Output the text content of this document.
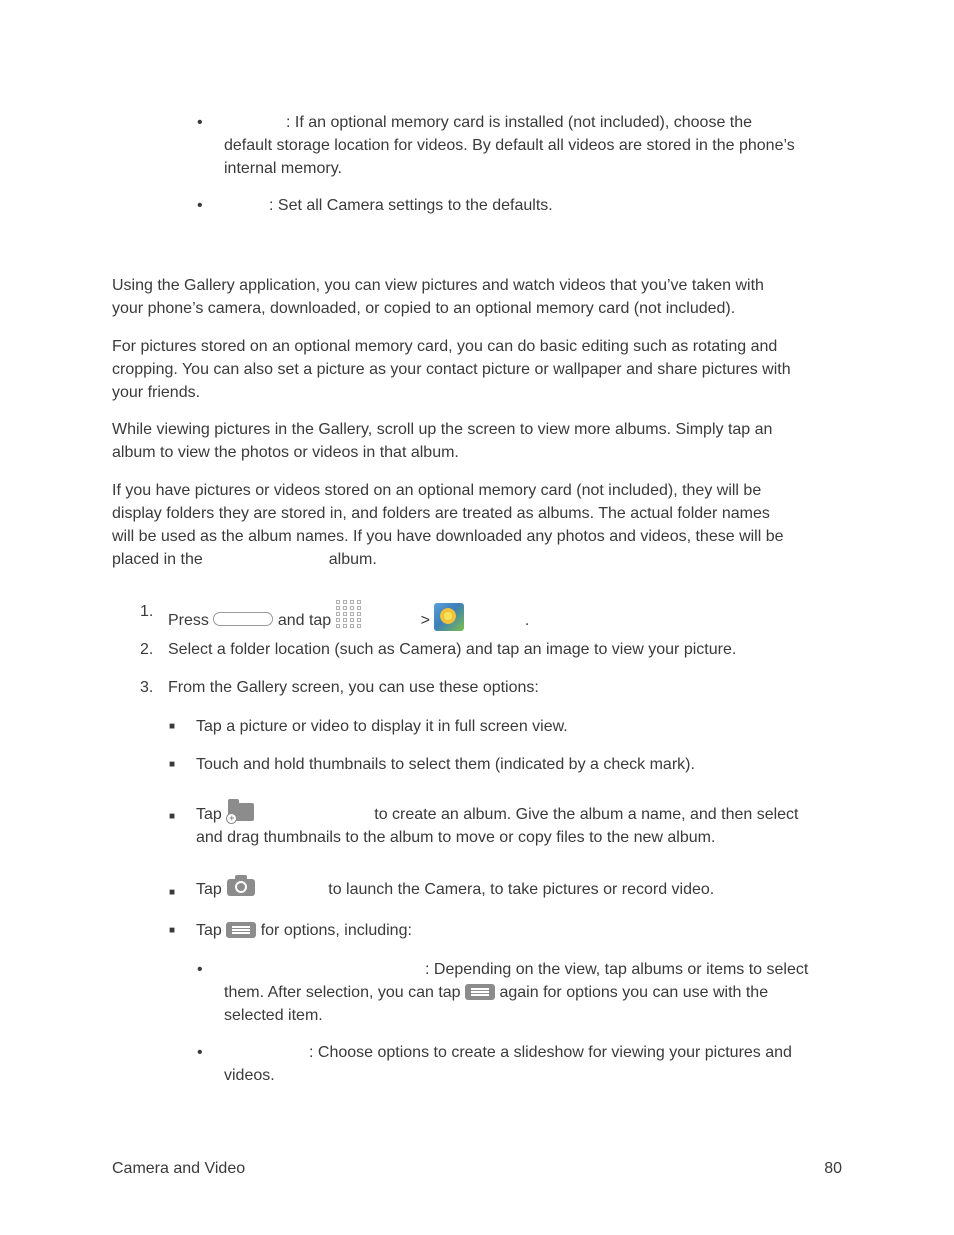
•	: If an optional memory card is installed (not included), choose the
default storage location for videos. By default all videos are stored in the phone’s
internal memory.
•	: Set all Camera settings to the defaults.
Using the Gallery application, you can view pictures and watch videos that you’ve taken with
your phone’s camera, downloaded, or copied to an optional memory card (not included).
For pictures stored on an optional memory card, you can do basic editing such as rotating and
cropping. You can also set a picture as your contact picture or wallpaper and share pictures with
your friends.
While viewing pictures in the Gallery, scroll up the screen to view more albums. Simply tap an
album to view the photos or videos in that album.
If you have pictures or videos stored on an optional memory card (not included), they will be
display folders they are stored in, and folders are treated as albums. The actual folder names
will be used as the album names. If you have downloaded any photos and videos, these will be
placed in the	album.
1.
Press	and tap	>	.
2. Select a folder location (such as Camera) and tap an image to view your picture.
3. From the Gallery screen, you can use these options:
■ Tap a picture or video to display it in full screen view.
■ Touch and hold thumbnails to select them (indicated by a check mark).
■ Tap +	to create an album. Give the album a name, and then select
and drag thumbnails to the album to move or copy files to the new album.
■ Tap	to launch the Camera, to take pictures or record video.
■ Tap for options, including:
•	: Depending on the view, tap albums or items to select
them. After selection, you can tap again for options you can use with the
selected item.
•	: Choose options to create a slideshow for viewing your pictures and
videos.
Camera and Video	80
